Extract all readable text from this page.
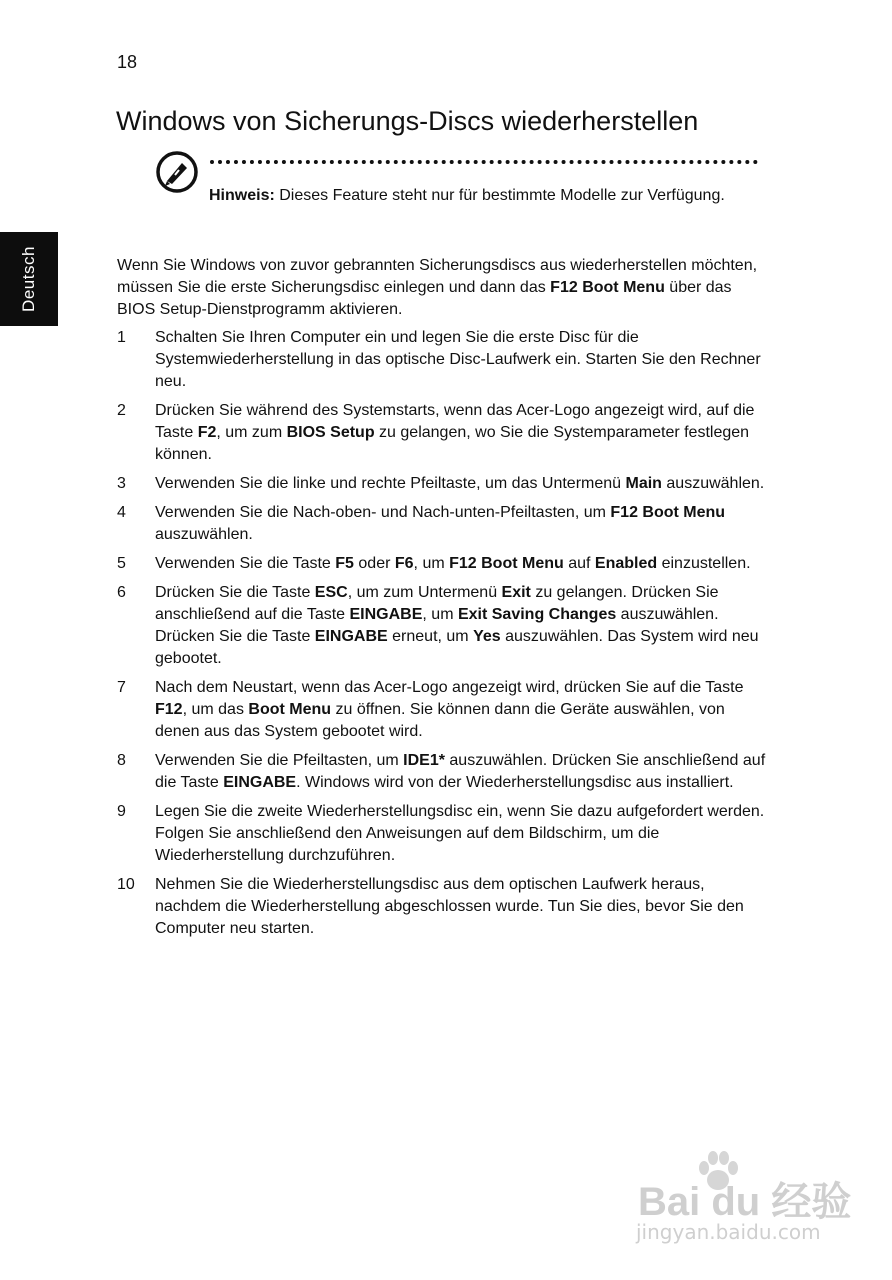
18
Deutsch
Windows von Sicherungs-Discs wiederherstellen
Hinweis: Dieses Feature steht nur für bestimmte Modelle zur Verfügung.

Wenn Sie Windows von zuvor gebrannten Sicherungsdiscs aus wiederherstellen möchten, müssen Sie die erste Sicherungsdisc einlegen und dann das F12 Boot Menu über das BIOS Setup-Dienstprogramm aktivieren.

1 Schalten Sie Ihren Computer ein und legen Sie die erste Disc für die Systemwiederherstellung in das optische Disc-Laufwerk ein. Starten Sie den Rechner neu.
2 Drücken Sie während des Systemstarts, wenn das Acer-Logo angezeigt wird, auf die Taste F2, um zum BIOS Setup zu gelangen, wo Sie die Systemparameter festlegen können.
3 Verwenden Sie die linke und rechte Pfeiltaste, um das Untermenü Main auszuwählen.
4 Verwenden Sie die Nach-oben- und Nach-unten-Pfeiltasten, um F12 Boot Menu auszuwählen.
5 Verwenden Sie die Taste F5 oder F6, um F12 Boot Menu auf Enabled einzustellen.
6 Drücken Sie die Taste ESC, um zum Untermenü Exit zu gelangen. Drücken Sie anschließend auf die Taste EINGABE, um Exit Saving Changes auszuwählen. Drücken Sie die Taste EINGABE erneut, um Yes auszuwählen. Das System wird neu gebootet.
7 Nach dem Neustart, wenn das Acer-Logo angezeigt wird, drücken Sie auf die Taste F12, um das Boot Menu zu öffnen. Sie können dann die Geräte auswählen, von denen aus das System gebootet wird.
8 Verwenden Sie die Pfeiltasten, um IDE1* auszuwählen. Drücken Sie anschließend auf die Taste EINGABE. Windows wird von der Wiederherstellungsdisc aus installiert.
9 Legen Sie die zweite Wiederherstellungsdisc ein, wenn Sie dazu aufgefordert werden. Folgen Sie anschließend den Anweisungen auf dem Bildschirm, um die Wiederherstellung durchzuführen.
10 Nehmen Sie die Wiederherstellungsdisc aus dem optischen Laufwerk heraus, nachdem die Wiederherstellung abgeschlossen wurde. Tun Sie dies, bevor Sie den Computer neu starten.
Bai du 经验
jingyan.baidu.com
